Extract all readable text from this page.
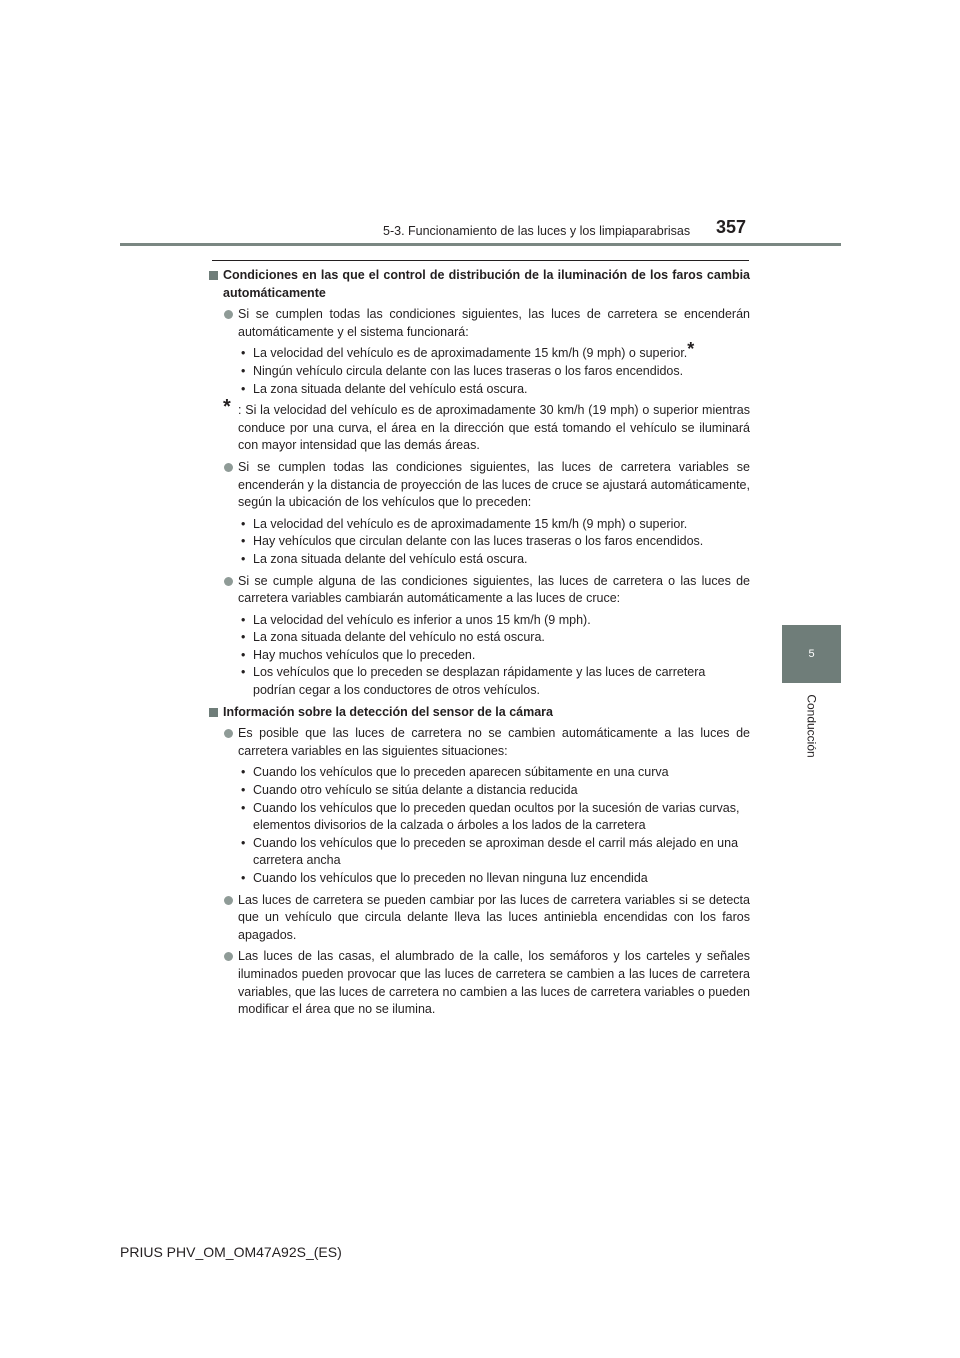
5-3. Funcionamiento de las luces y los limpiaparabrisas 357
5
Conducción
Condiciones en las que el control de distribución de la iluminación de los faros cambia automáticamente
Si se cumplen todas las condiciones siguientes, las luces de carretera se encenderán automáticamente y el sistema funcionará:
• La velocidad del vehículo es de aproximadamente 15 km/h (9 mph) o superior.*
• Ningún vehículo circula delante con las luces traseras o los faros encendidos.
• La zona situada delante del vehículo está oscura.
* : Si la velocidad del vehículo es de aproximadamente 30 km/h (19 mph) o superior mientras conduce por una curva, el área en la dirección que está tomando el vehículo se iluminará con mayor intensidad que las demás áreas.
Si se cumplen todas las condiciones siguientes, las luces de carretera variables se encenderán y la distancia de proyección de las luces de cruce se ajustará automáticamente, según la ubicación de los vehículos que lo preceden:
• La velocidad del vehículo es de aproximadamente 15 km/h (9 mph) o superior.
• Hay vehículos que circulan delante con las luces traseras o los faros encendidos.
• La zona situada delante del vehículo está oscura.
Si se cumple alguna de las condiciones siguientes, las luces de carretera o las luces de carretera variables cambiarán automáticamente a las luces de cruce:
• La velocidad del vehículo es inferior a unos 15 km/h (9 mph).
• La zona situada delante del vehículo no está oscura.
• Hay muchos vehículos que lo preceden.
• Los vehículos que lo preceden se desplazan rápidamente y las luces de carretera podrían cegar a los conductores de otros vehículos.
Información sobre la detección del sensor de la cámara
Es posible que las luces de carretera no se cambien automáticamente a las luces de carretera variables en las siguientes situaciones:
• Cuando los vehículos que lo preceden aparecen súbitamente en una curva
• Cuando otro vehículo se sitúa delante a distancia reducida
• Cuando los vehículos que lo preceden quedan ocultos por la sucesión de varias curvas, elementos divisorios de la calzada o árboles a los lados de la carretera
• Cuando los vehículos que lo preceden se aproximan desde el carril más alejado en una carretera ancha
• Cuando los vehículos que lo preceden no llevan ninguna luz encendida
Las luces de carretera se pueden cambiar por las luces de carretera variables si se detecta que un vehículo que circula delante lleva las luces antiniebla encendidas con los faros apagados.
Las luces de las casas, el alumbrado de la calle, los semáforos y los carteles y señales iluminados pueden provocar que las luces de carretera se cambien a las luces de carretera variables, que las luces de carretera no cambien a las luces de carretera variables o pueden modificar el área que no se ilumina.
PRIUS PHV_OM_OM47A92S_(ES)
